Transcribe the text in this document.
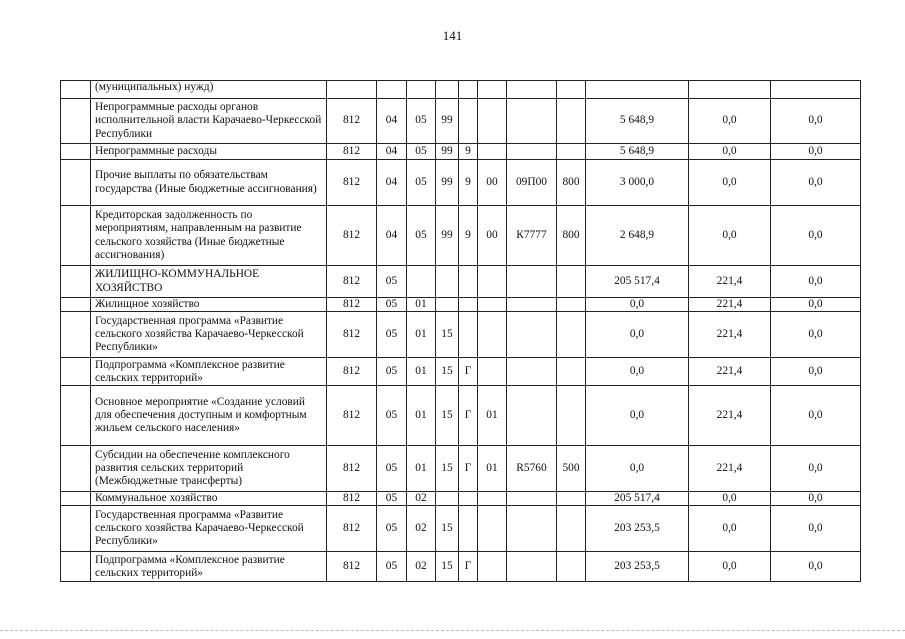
141
	(муниципальных) нужд)											
	Непрограммные расходы органов исполнительной власти Карачаево-Черкесской Республики	812	04	05	99					5 648,9	0,0	0,0
	Непрограммные расходы	812	04	05	99	9				5 648,9	0,0	0,0
	Прочие выплаты по обязательствам государства (Иные бюджетные ассигнования)	812	04	05	99	9	00	09П00	800	3 000,0	0,0	0,0
	Кредиторская задолженность по мероприятиям, направленным на развитие сельского хозяйства (Иные бюджетные ассигнования)	812	04	05	99	9	00	К7777	800	2 648,9	0,0	0,0
	ЖИЛИЩНО-КОММУНАЛЬНОЕ ХОЗЯЙСТВО	812	05							205 517,4	221,4	0,0
	Жилищное хозяйство	812	05	01						0,0	221,4	0,0
	Государственная программа «Развитие сельского хозяйства Карачаево-Черкесской Республики»	812	05	01	15					0,0	221,4	0,0
	Подпрограмма «Комплексное развитие сельских территорий»	812	05	01	15	Г				0,0	221,4	0,0
	Основное мероприятие «Создание условий для обеспечения доступным и комфортным жильем сельского населения»	812	05	01	15	Г	01			0,0	221,4	0,0
	Субсидии на обеспечение комплексного развития сельских территорий (Межбюджетные трансферты)	812	05	01	15	Г	01	R5760	500	0,0	221,4	0,0
	Коммунальное хозяйство	812	05	02						205 517,4	0,0	0,0
	Государственная программа «Развитие сельского хозяйства Карачаево-Черкесской Республики»	812	05	02	15					203 253,5	0,0	0,0
	Подпрограмма «Комплексное развитие сельских территорий»	812	05	02	15	Г				203 253,5	0,0	0,0
